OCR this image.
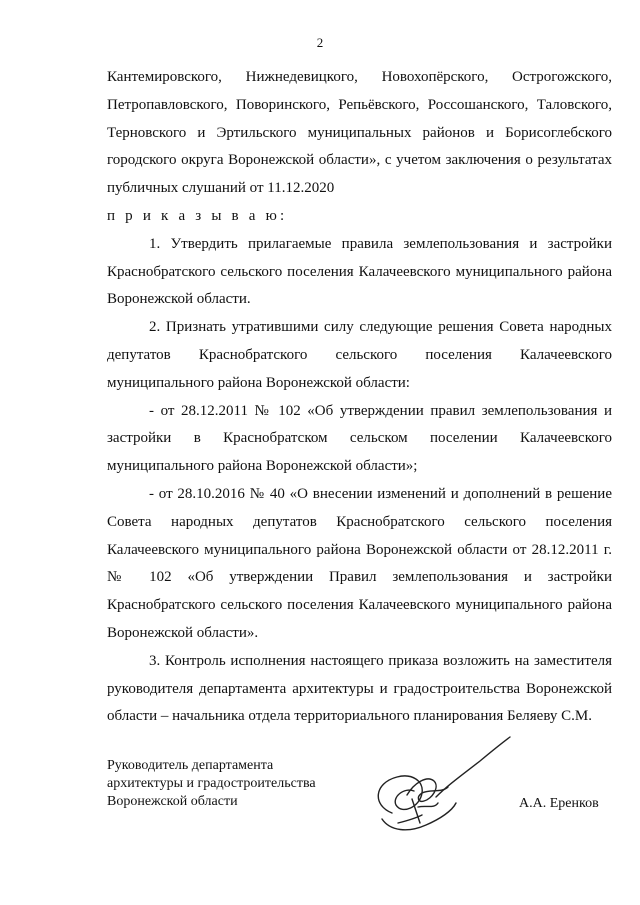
2

Кантемировского, Нижнедевицкого, Новохопёрского, Острогожского, Петропавловского, Поворинского, Репьёвского, Россошанского, Таловского, Терновского и Эртильского муниципальных районов и Борисоглебского городского округа Воронежской области», с учетом заключения о результатах публичных слушаний от 11.12.2020

п р и к а з ы в а ю:

1. Утвердить прилагаемые правила землепользования и застройки Краснобратского сельского поселения Калачеевского муниципального района Воронежской области.

2. Признать утратившими силу следующие решения Совета народных депутатов Краснобратского сельского поселения Калачеевского муниципального района Воронежской области:

- от 28.12.2011 № 102 «Об утверждении правил землепользования и застройки в Краснобратском сельском поселении Калачеевского муниципального района Воронежской области»;

- от 28.10.2016 № 40 «О внесении изменений и дополнений в решение Совета народных депутатов Краснобратского сельского поселения Калачеевского муниципального района Воронежской области от 28.12.2011 г. № 102 «Об утверждении Правил землепользования и застройки Краснобратского сельского поселения Калачеевского муниципального района Воронежской области».

3. Контроль исполнения настоящего приказа возложить на заместителя руководителя департамента архитектуры и градостроительства Воронежской области – начальника отдела территориального планирования Беляеву С.М.

Руководитель департамента
архитектуры и градостроительства
Воронежской области	А.А. Еренков
